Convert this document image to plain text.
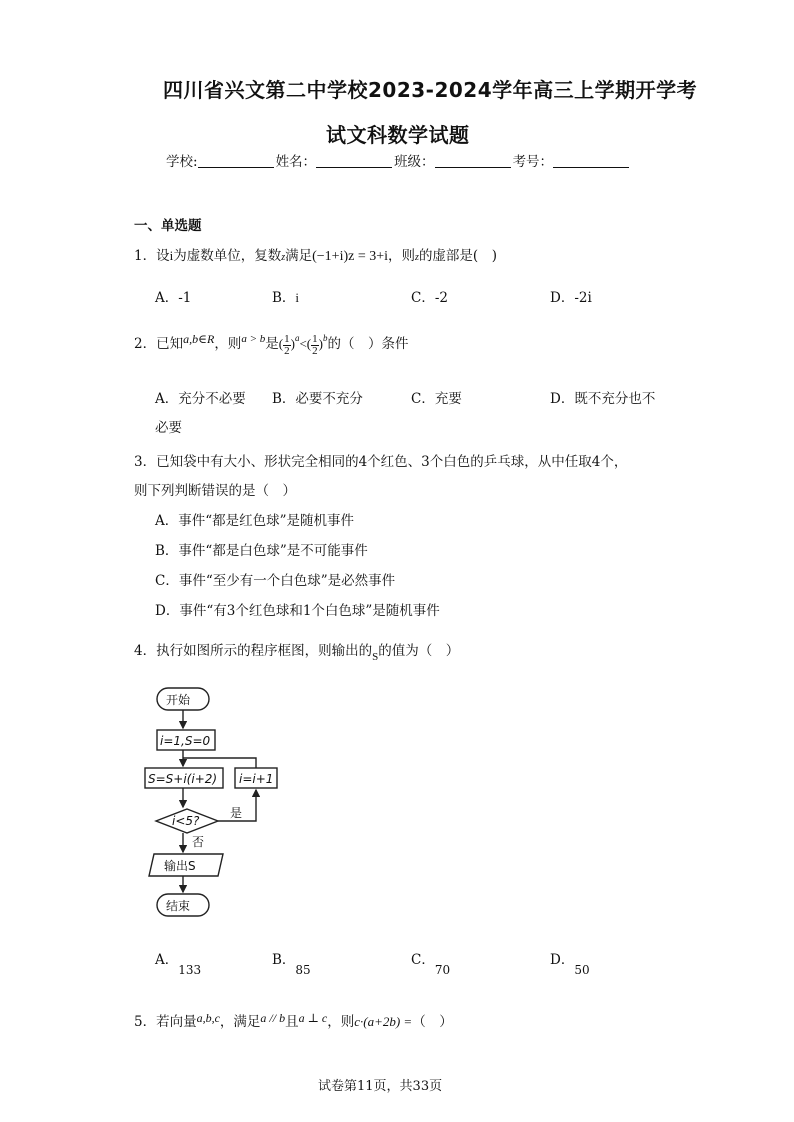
四川省兴文第二中学校2023-2024学年高三上学期开学考
试文科数学试题
学校:	姓名：	班级：	考号：
一、单选题
1．设i为虚数单位，复数z满足(−1+i)z = 3+i，则z的虚部是(　)
A．-1	B．i	C．-2	D．-2i
2．已知a,b∈R，则$^{a > b}$是( $\frac{1}{2} )^a<( \frac{1}{2} )^b$的（　）条件
A．充分不必要 B．必要不充分	C．充要	D．既不充分也不
必要
3．已知袋中有大小、形状完全相同的4个红色、3个白色的乒乓球，从中任取4个，
则下列判断错误的是（　）
A．事件“都是红色球”是随机事件
B．事件“都是白色球”是不可能事件
C．事件“至少有一个白色球”是必然事件
D．事件“有3个红色球和1个白色球”是随机事件
4．执行如图所示的程序框图，则输出的$_S$的值为（　）
开始
i=1,S=0
S=S+i(i+2) i=i+1
i<5?
是
否
输出S
结束
A．133
B．85
C．70
D．50
5．若向量a,b,c，满足a // b且a ⊥ c，则c·(a+2b) =（　）
试卷第11页，共33页
